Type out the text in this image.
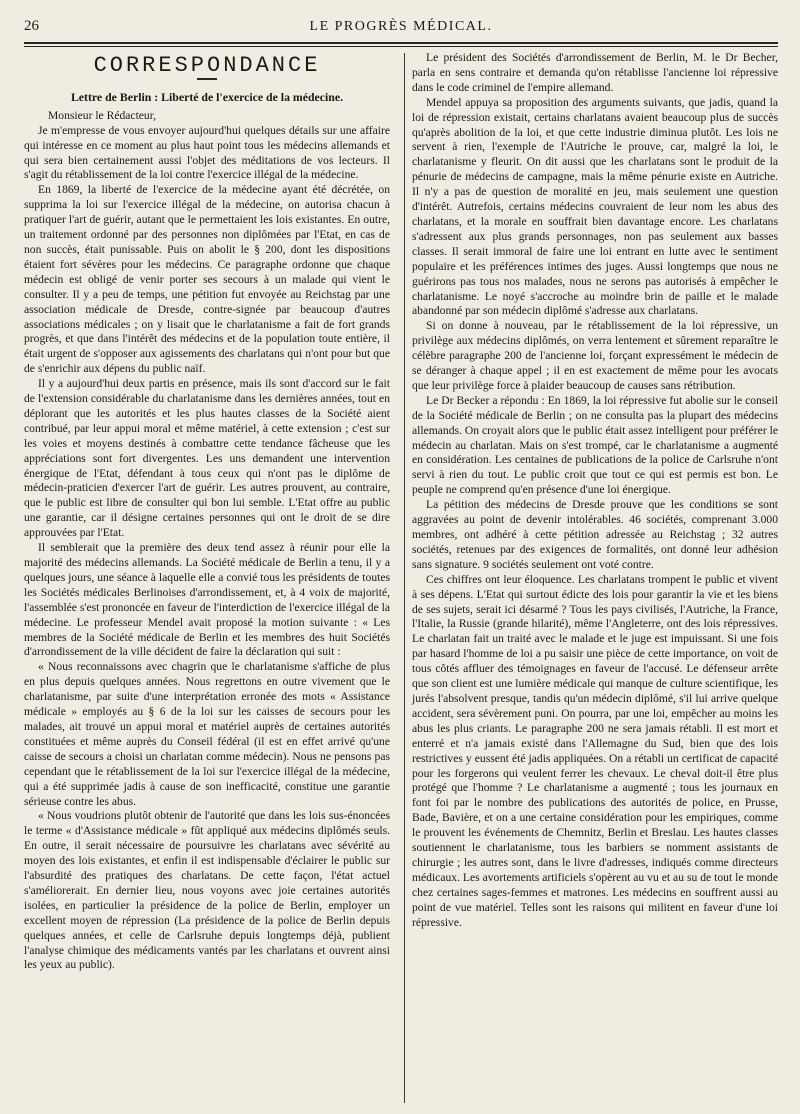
26	LE PROGRÈS MÉDICAL.
CORRESPONDANCE
Lettre de Berlin : Liberté de l'exercice de la médecine.

Monsieur le Rédacteur,

Je m'empresse de vous envoyer aujourd'hui quelques détails sur une affaire qui intéresse en ce moment au plus haut point tous les médecins allemands et qui sera bien certainement aussi l'objet des méditations de vos lecteurs. Il s'agit du rétablissement de la loi contre l'exercice illégal de la médecine.

En 1869, la liberté de l'exercice de la médecine ayant été décrétée, on supprima la loi sur l'exercice illégal de la médecine, on autorisa chacun à pratiquer l'art de guérir, autant que le permettaient les lois existantes. En outre, un traitement ordonné par des personnes non diplômées par l'Etat, en cas de non succès, était punissable. Puis on abolit le § 200, dont les dispositions étaient fort sévères pour les médecins. Ce paragraphe ordonne que chaque médecin est obligé de venir porter ses secours à un malade qui vient le consulter. Il y a peu de temps, une pétition fut envoyée au Reichstag par une association médicale de Dresde, contre-signée par beaucoup d'autres associations médicales ; on y lisait que le charlatanisme a fait de fort grands progrès, et que dans l'intérêt des médecins et de la population toute entière, il était urgent de s'opposer aux agissements des charlatans qui n'ont pour but que de s'enrichir aux dépens du public naïf.

Il y a aujourd'hui deux partis en présence, mais ils sont d'accord sur le fait de l'extension considérable du charlatanisme dans les dernières années, tout en déplorant que les autorités et les plus hautes classes de la Société aient contribué, par leur appui moral et même matériel, à cette extension ; c'est sur les voies et moyens destinés à combattre cette tendance fâcheuse que les appréciations sont fort divergentes. Les uns demandent une intervention énergique de l'Etat, défendant à tous ceux qui n'ont pas le diplôme de médecin-praticien d'exercer l'art de guérir. Les autres prouvent, au contraire, que le public est libre de consulter qui bon lui semble. L'Etat offre au public une garantie, car il désigne certaines personnes qui ont le droit de se dire approuvées par l'Etat.

Il semblerait que la première des deux tend assez à réunir pour elle la majorité des médecins allemands. La Société médicale de Berlin a tenu, il y a quelques jours, une séance à laquelle elle a convié tous les présidents de toutes les Sociétés médicales Berlinoises d'arrondissement, et, à 4 voix de majorité, l'assemblée s'est prononcée en faveur de l'interdiction de l'exercice illégal de la médecine. Le professeur Mendel avait proposé la motion suivante : « Les membres de la Société médicale de Berlin et les membres des huit Sociétés d'arrondissement de la ville décident de faire la déclaration qui suit :

« Nous reconnaissons avec chagrin que le charlatanisme s'affiche de plus en plus depuis quelques années. Nous regrettons en outre vivement que le charlatanisme, par suite d'une interprétation erronée des mots « Assistance médicale » employés au § 6 de la loi sur les caisses de secours pour les malades, ait trouvé un appui moral et matériel auprès de certaines autorités constituées et même auprès du Conseil fédéral (il est en effet arrivé qu'une caisse de secours a choisi un charlatan comme médecin). Nous ne pensons pas cependant que le rétablissement de la loi sur l'exercice illégal de la médecine, qui a été supprimée jadis à cause de son inefficacité, constitue une garantie sérieuse contre les abus.

« Nous voudrions plutôt obtenir de l'autorité que dans les lois sus-énoncées le terme « d'Assistance médicale » fût appliqué aux médecins diplômés seuls. En outre, il serait nécessaire de poursuivre les charlatans avec sévérité au moyen des lois existantes, et enfin il est indispensable d'éclairer le public sur l'absurdité des pratiques des charlatans. De cette façon, l'état actuel s'améliorerait. En dernier lieu, nous voyons avec joie certaines autorités isolées, en particulier la présidence de la police de Berlin, employer un excellent moyen de répression (La présidence de la police de Berlin depuis quelques années, et celle de Carlsruhe depuis longtemps déjà, publient l'analyse chimique des médicaments vantés par les charlatans et ouvrent ainsi les yeux au public).

Le président des Sociétés d'arrondissement de Berlin, M. le Dr Becher, parla en sens contraire et demanda qu'on rétablisse l'ancienne loi répressive dans le code criminel de l'empire allemand.

Mendel appuya sa proposition des arguments suivants, que jadis, quand la loi de répression existait, certains charlatans avaient beaucoup plus de succès qu'après abolition de la loi, et que cette industrie diminua plutôt. Les lois ne servent à rien, l'exemple de l'Autriche le prouve, car, malgré la loi, le charlatanisme y fleurit. On dit aussi que les charlatans sont le produit de la pénurie de médecins de campagne, mais la même pénurie existe en Autriche. Il n'y a pas de question de moralité en jeu, mais seulement une question d'intérêt. Autrefois, certains médecins couvraient de leur nom les abus des charlatans, et la morale en souffrait bien davantage encore. Les charlatans s'adressent aux plus grands personnages, non pas seulement aux basses classes. Il serait immoral de faire une loi entrant en lutte avec le sentiment populaire et les préférences intimes des juges. Aussi longtemps que nous ne guérirons pas tous nos malades, nous ne serons pas autorisés à empêcher le charlatanisme. Le noyé s'accroche au moindre brin de paille et le malade abandonné par son médecin diplômé s'adresse aux charlatans.

Si on donne à nouveau, par le rétablissement de la loi répressive, un privilège aux médecins diplômés, on verra lentement et sûrement reparaître le célèbre paragraphe 200 de l'ancienne loi, forçant expressément le médecin de se déranger à chaque appel ; il en est exactement de même pour les avocats que leur privilège force à plaider beaucoup de causes sans rétribution.

Le Dr Becker a répondu : En 1869, la loi répressive fut abolie sur le conseil de la Société médicale de Berlin ; on ne consulta pas la plupart des médecins allemands. On croyait alors que le public était assez intelligent pour préférer le médecin au charlatan. Mais on s'est trompé, car le charlatanisme a augmenté en considération. Les centaines de publications de la police de Carlsruhe n'ont servi à rien du tout. Le public croit que tout ce qui est permis est bon. Le peuple ne comprend qu'en présence d'une loi énergique.

La pétition des médecins de Dresde prouve que les conditions se sont aggravées au point de devenir intolérables. 46 sociétés, comprenant 3.000 membres, ont adhéré à cette pétition adressée au Reichstag ; 32 autres sociétés, retenues par des exigences de formalités, ont donné leur adhésion sans signature. 9 sociétés seulement ont voté contre.

Ces chiffres ont leur éloquence. Les charlatans trompent le public et vivent à ses dépens. L'Etat qui surtout édicte des lois pour garantir la vie et les biens de ses sujets, serait ici désarmé ? Tous les pays civilisés, l'Autriche, la France, l'Italie, la Russie (grande hilarité), même l'Angleterre, ont des lois répressives. Le charlatan fait un traité avec le malade et le juge est impuissant. Si une fois par hasard l'homme de loi a pu saisir une pièce de cette importance, on voit de tous côtés affluer des témoignages en faveur de l'accusé. Le défenseur arrête que son client est une lumière médicale qui manque de culture scientifique, les jurés l'absolvent presque, tandis qu'un médecin diplômé, s'il lui arrive quelque accident, sera sévèrement puni. On pourra, par une loi, empêcher au moins les abus les plus criants. Le paragraphe 200 ne sera jamais rétabli. Il est mort et enterré et n'a jamais existé dans l'Allemagne du Sud, bien que des lois restrictives y eussent été jadis appliquées. On a rétabli un certificat de capacité pour les forgerons qui veulent ferrer les chevaux. Le cheval doit-il être plus protégé que l'homme ? Le charlatanisme a augmenté ; tous les journaux en font foi par le nombre des publications des autorités de police, en Prusse, Bade, Bavière, et on a une certaine considération pour les empiriques, comme le prouvent les événements de Chemnitz, Berlin et Breslau. Les hautes classes soutiennent le charlatanisme, tous les barbiers se nomment assistants de chirurgie ; les autres sont, dans le livre d'adresses, indiqués comme directeurs médicaux. Les avortements artificiels s'opèrent au vu et au su de tout le monde chez certaines sages-femmes et matrones. Les médecins en souffrent aussi au point de vue matériel. Telles sont les raisons qui militent en faveur d'une loi répressive.
